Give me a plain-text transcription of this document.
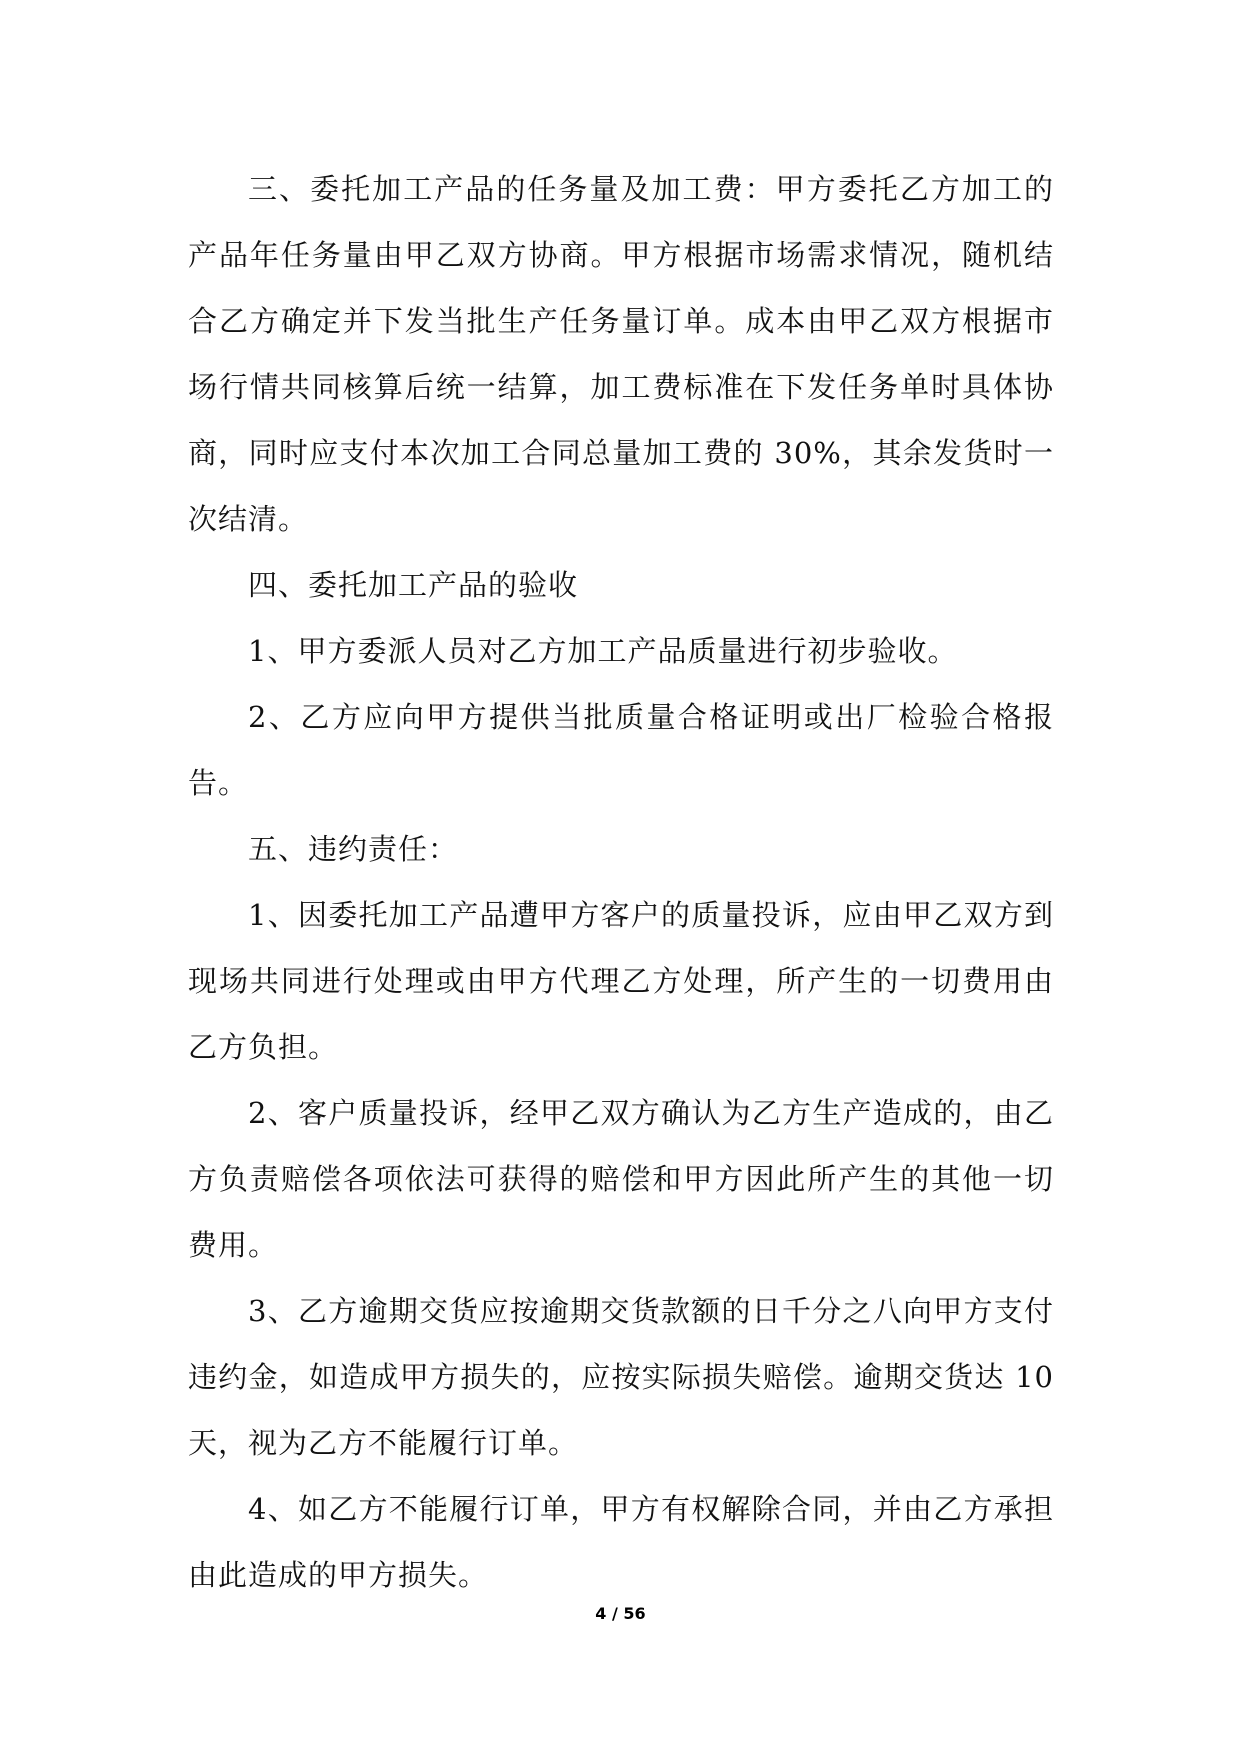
三、委托加工产品的任务量及加工费：甲方委托乙方加工的产品年任务量由甲乙双方协商。甲方根据市场需求情况，随机结合乙方确定并下发当批生产任务量订单。成本由甲乙双方根据市场行情共同核算后统一结算，加工费标准在下发任务单时具体协商，同时应支付本次加工合同总量加工费的 30%，其余发货时一次结清。

四、委托加工产品的验收

1、甲方委派人员对乙方加工产品质量进行初步验收。

2、乙方应向甲方提供当批质量合格证明或出厂检验合格报告。

五、违约责任：

1、因委托加工产品遭甲方客户的质量投诉，应由甲乙双方到现场共同进行处理或由甲方代理乙方处理，所产生的一切费用由乙方负担。

2、客户质量投诉，经甲乙双方确认为乙方生产造成的，由乙方负责赔偿各项依法可获得的赔偿和甲方因此所产生的其他一切费用。

3、乙方逾期交货应按逾期交货款额的日千分之八向甲方支付违约金，如造成甲方损失的，应按实际损失赔偿。逾期交货达 10 天，视为乙方不能履行订单。

4、如乙方不能履行订单，甲方有权解除合同，并由乙方承担由此造成的甲方损失。

4 / 56
